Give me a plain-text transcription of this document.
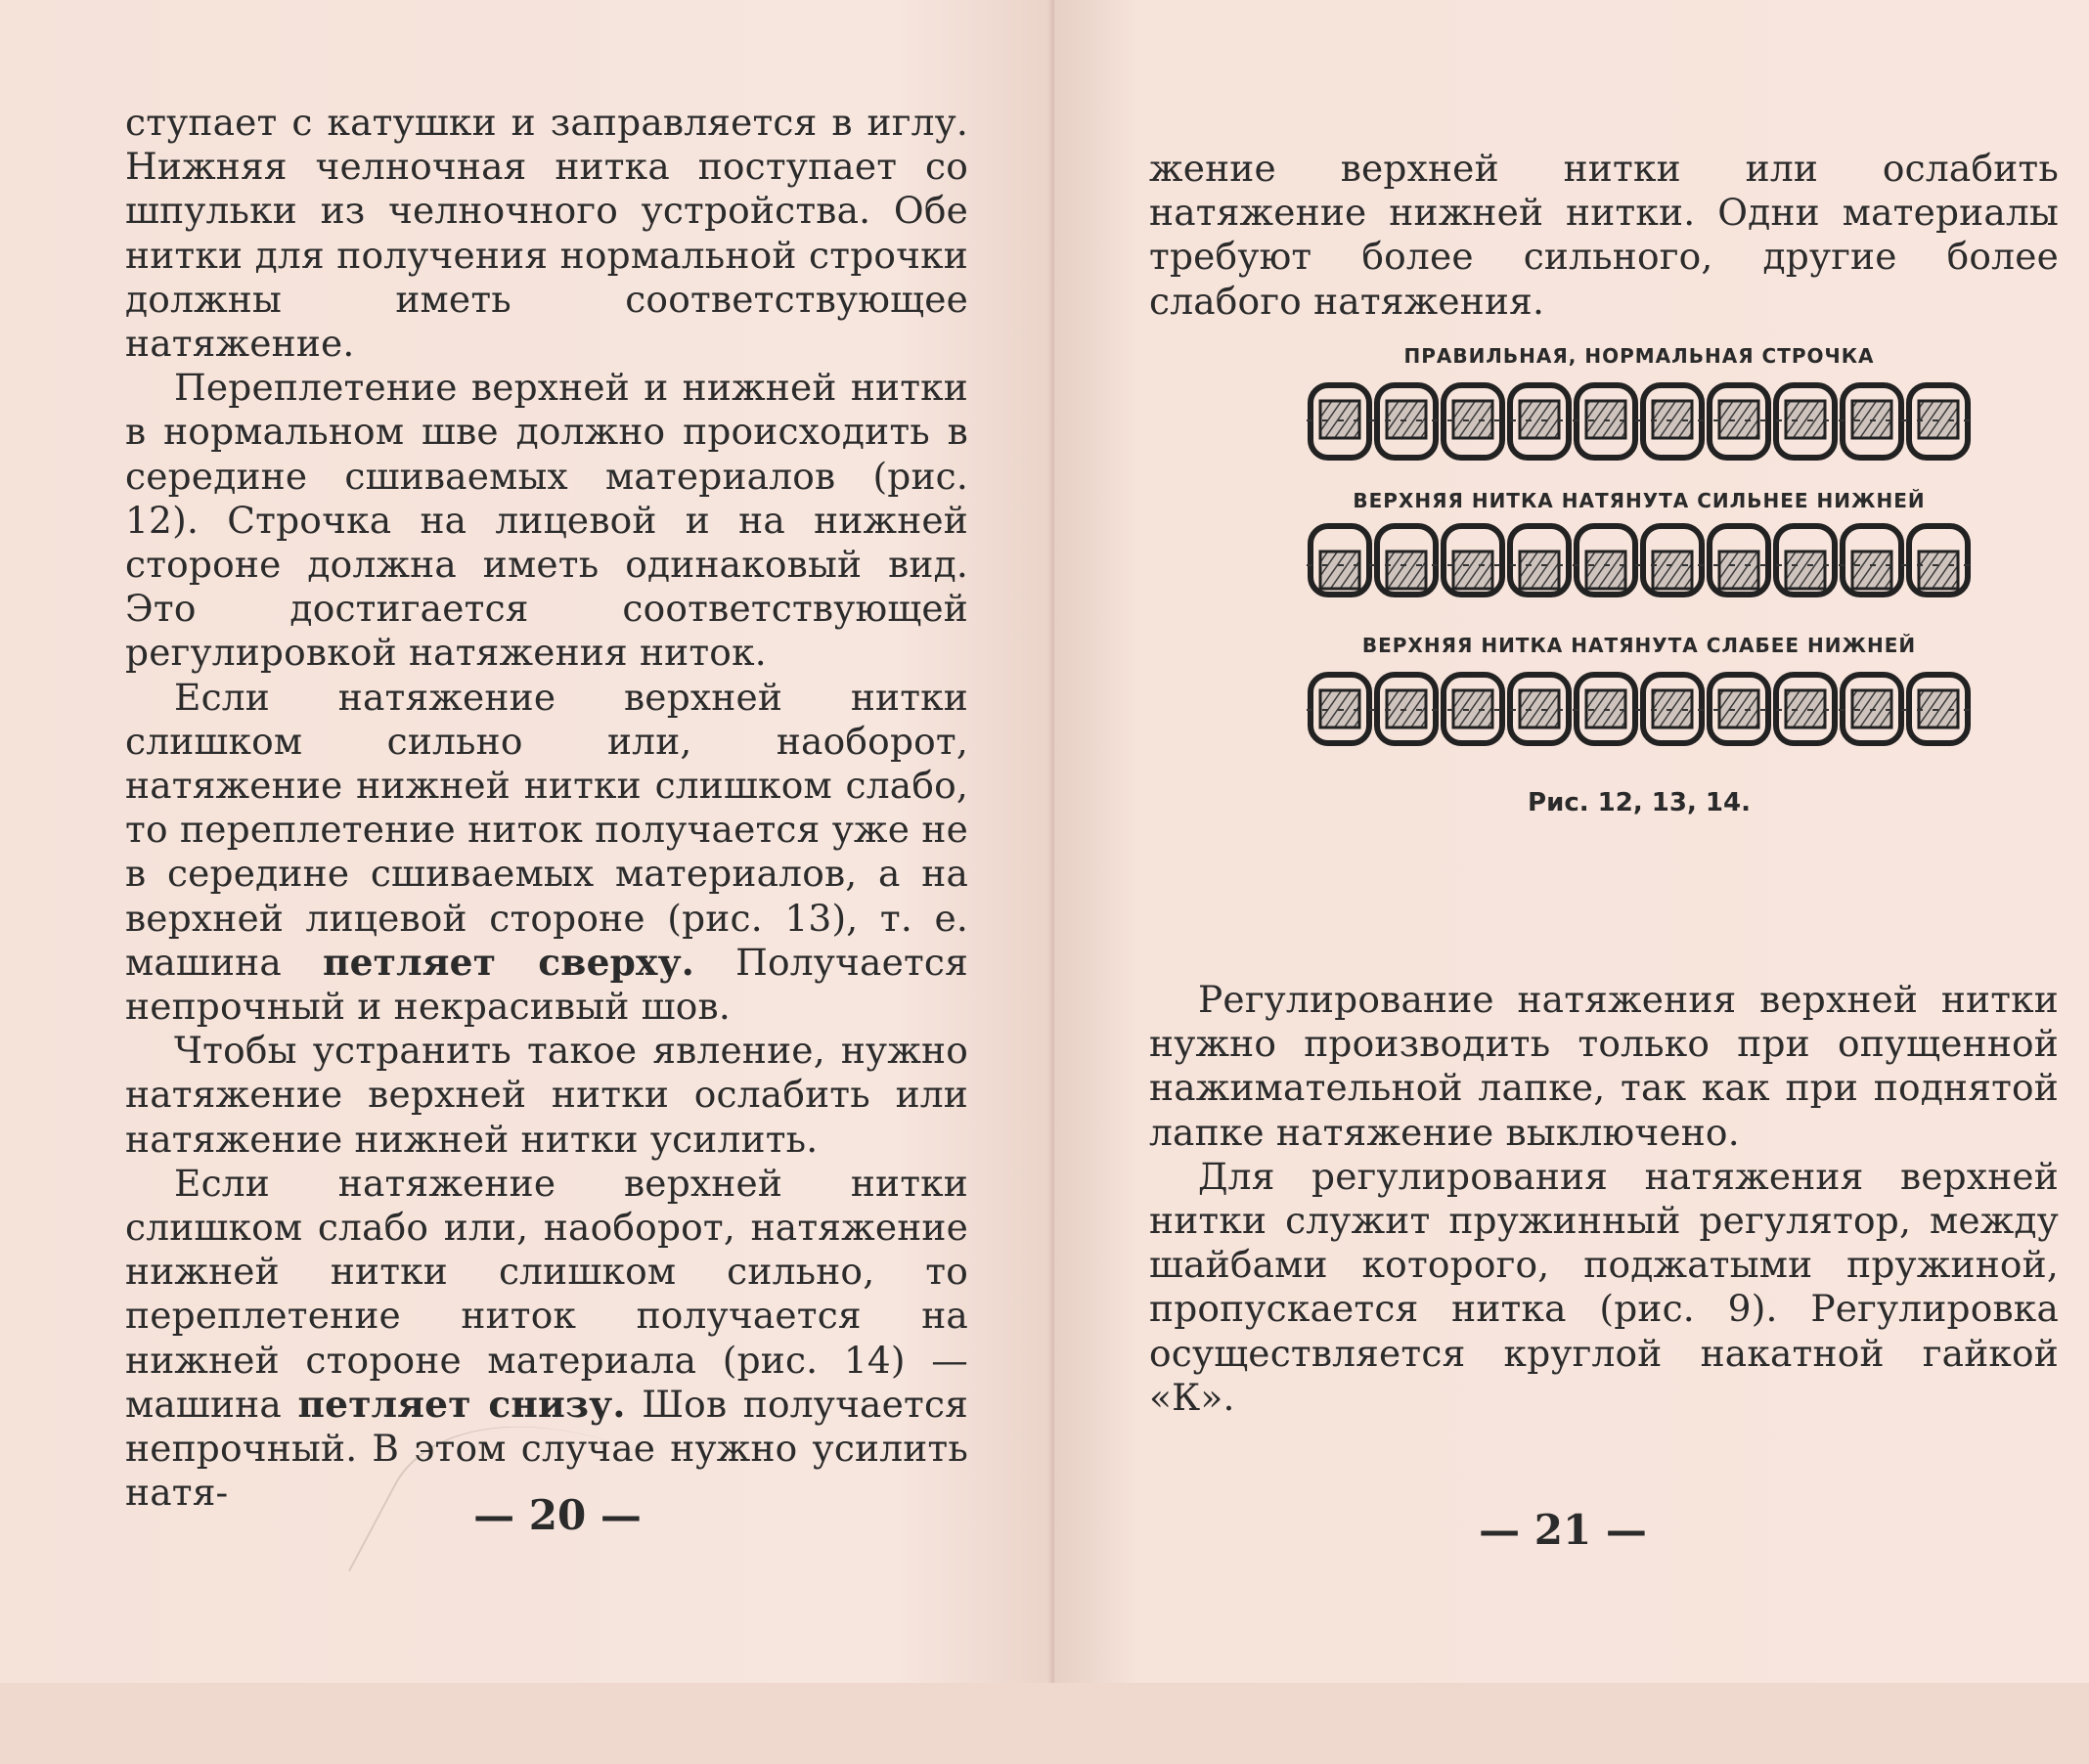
ступает с катушки и заправляется в иглу. Нижняя челночная нитка поступает со шпульки из челночного устройства. Обе нитки для получения нормальной строчки должны иметь соответствующее натяжение.

Переплетение верхней и нижней нитки в нормальном шве должно происходить в середине сшиваемых материалов (рис. 12). Строчка на лицевой и на нижней стороне должна иметь одинаковый вид. Это достигается соответствующей регулировкой натяжения ниток.

Если натяжение верхней нитки слишком сильно или, наоборот, натяжение нижней нитки слишком слабо, то переплетение ниток получается уже не в середине сшиваемых материалов, а на верхней лицевой стороне (рис. 13), т. е. машина петляет сверху. Получается непрочный и некрасивый шов.

Чтобы устранить такое явление, нужно натяжение верхней нитки ослабить или натяжение нижней нитки усилить.

Если натяжение верхней нитки слишком слабо или, наоборот, натяжение нижней нитки слишком сильно, то переплетение ниток получается на нижней стороне материала (рис. 14) — машина петляет снизу. Шов получается непрочный. В этом случае нужно усилить натя-	— 20 —

жение верхней нитки или ослабить натяжение нижней нитки. Одни материалы требуют более сильного, другие более слабого натяжения.

ПРАВИЛЬНАЯ, НОРМАЛЬНАЯ СТРОЧКА

ВЕРХНЯЯ НИТКА НАТЯНУТА СИЛЬНЕЕ НИЖНЕЙ

ВЕРХНЯЯ НИТКА НАТЯНУТА СЛАБЕЕ НИЖНЕЙ

Рис. 12, 13, 14.

Регулирование натяжения верхней нитки нужно производить только при опущенной нажимательной лапке, так как при поднятой лапке натяжение выключено.

Для регулирования натяжения верхней нитки служит пружинный регулятор, между шайбами которого, поджатыми пружиной, пропускается нитка (рис. 9). Регулировка осуществляется круглой накатной гайкой «К».

— 21 —
